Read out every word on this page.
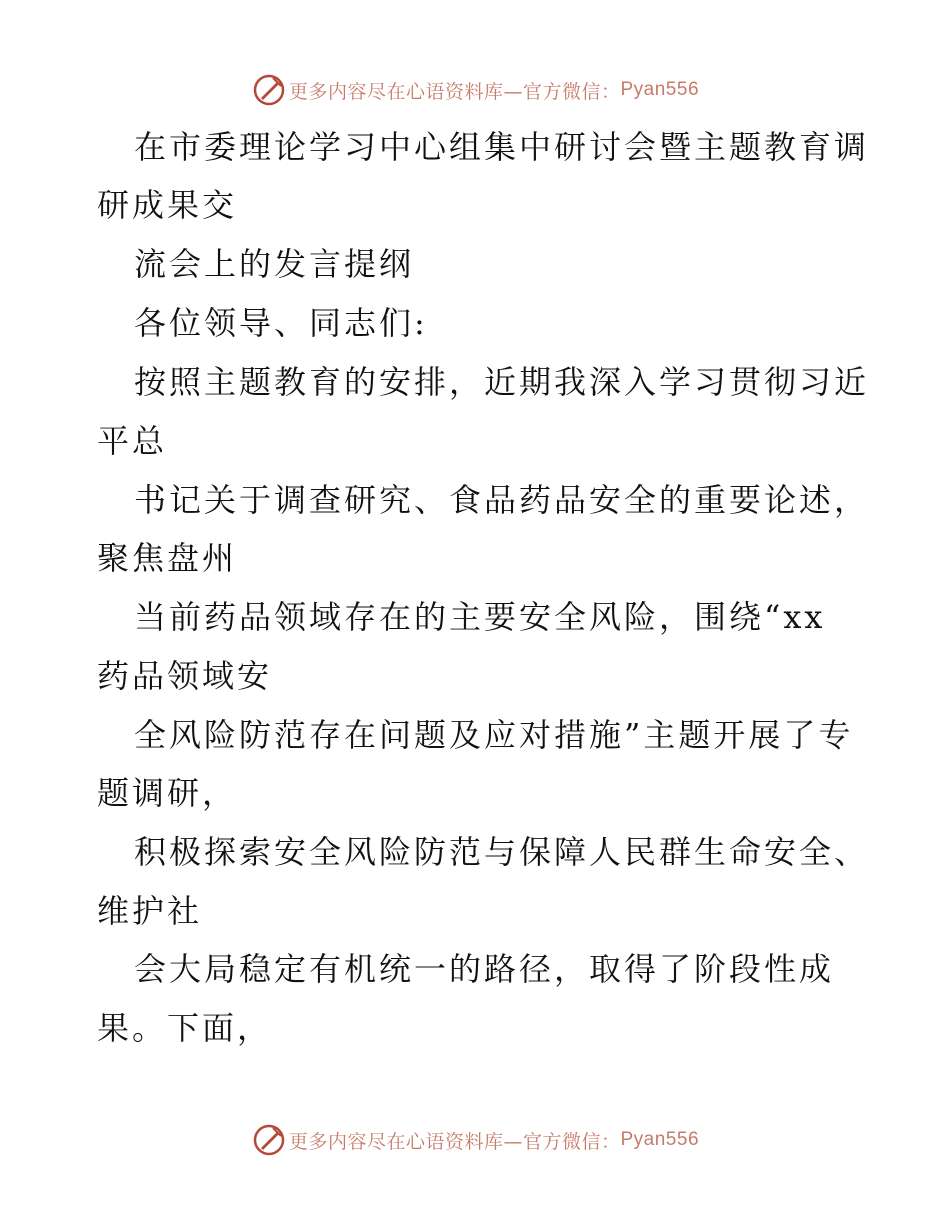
更多内容尽在心语资料库—官方微信： Pyan556
在市委理论学习中心组集中研讨会暨主题教育调
研成果交
流会上的发言提纲
各位领导、同志们:
按照主题教育的安排，近期我深入学习贯彻习近
平总
书记关于调查研究、食品药品安全的重要论述，
聚焦盘州
当前药品领域存在的主要安全风险，围绕“xx
药品领域安
全风险防范存在问题及应对措施”主题开展了专
题调研，
积极探索安全风险防范与保障人民群生命安全、
维护社
会大局稳定有机统一的路径，取得了阶段性成
果。下面，
更多内容尽在心语资料库—官方微信： Pyan556
